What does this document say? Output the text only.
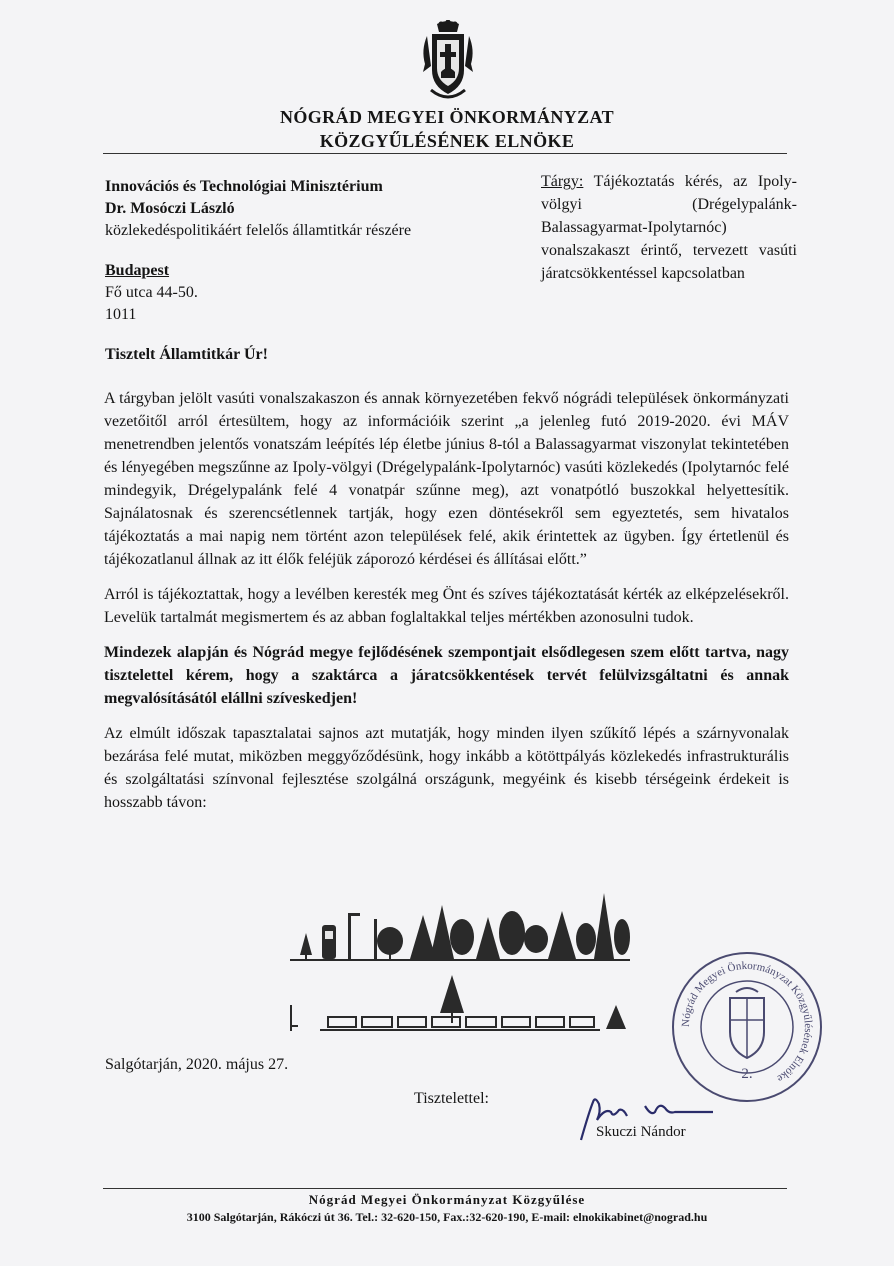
NÓGRÁD MEGYEI ÖNKORMÁNYZAT
KÖZGYŰLÉSÉNEK ELNÖKE
Innovációs és Technológiai Minisztérium
Dr. Mosóczi László
közlekedéspolitikáért felelős államtitkár részére
Budapest
Fő utca 44-50.
1011
Tárgy: Tájékoztatás kérés, az Ipoly-völgyi (Drégelypalánk-Balassagyarmat-Ipolytarnóc) vonalszakaszt érintő, tervezett vasúti járatcsökkentéssel kapcsolatban
Tisztelt Államtitkár Úr!

A tárgyban jelölt vasúti vonalszakaszon és annak környezetében fekvő nógrádi települések önkormányzati vezetőitől arról értesültem, hogy az információik szerint „a jelenleg futó 2019-2020. évi MÁV menetrendben jelentős vonatszám leépítés lép életbe június 8-tól a Balassagyarmat viszonylat tekintetében és lényegében megszűnne az Ipoly-völgyi (Drégelypalánk-Ipolytarnóc) vasúti közlekedés (Ipolytarnóc felé mindegyik, Drégelypalánk felé 4 vonatpár szűnne meg), azt vonatpótló buszokkal helyettesítik. Sajnálatosnak és szerencsétlennek tartják, hogy ezen döntésekről sem egyeztetés, sem hivatalos tájékoztatás a mai napig nem történt azon települések felé, akik érintettek az ügyben. Így értetlenül és tájékozatlanul állnak az itt élők feléjük záporozó kérdései és állításai előtt.”

Arról is tájékoztattak, hogy a levélben keresték meg Önt és szíves tájékoztatását kérték az elképzelésekről. Levelük tartalmát megismertem és az abban foglaltakkal teljes mértékben azonosulni tudok.

Mindezek alapján és Nógrád megye fejlődésének szempontjait elsődlegesen szem előtt tartva, nagy tisztelettel kérem, hogy a szaktárca a járatcsökkentések tervét felülvizsgáltatni és annak megvalósításától elállni szíveskedjen!

Az elmúlt időszak tapasztalatai sajnos azt mutatják, hogy minden ilyen szűkítő lépés a szárnyvonalak bezárása felé mutat, miközben meggyőződésünk, hogy inkább a kötöttpályás közlekedés infrastrukturális és szolgáltatási színvonal fejlesztése szolgálná országunk, megyéink és kisebb térségeink érdekeit is hosszabb távon:

Salgótarján, 2020. május 27.
Tisztelettel:
Skuczi Nándor
Nógrád Megyei Önkormányzat Közgyűlésének Elnöke
2.
Nógrád Megyei Önkormányzat Közgyűlése
3100 Salgótarján, Rákóczi út 36. Tel.: 32-620-150, Fax.:32-620-190, E-mail: elnokikabinet@nograd.hu
